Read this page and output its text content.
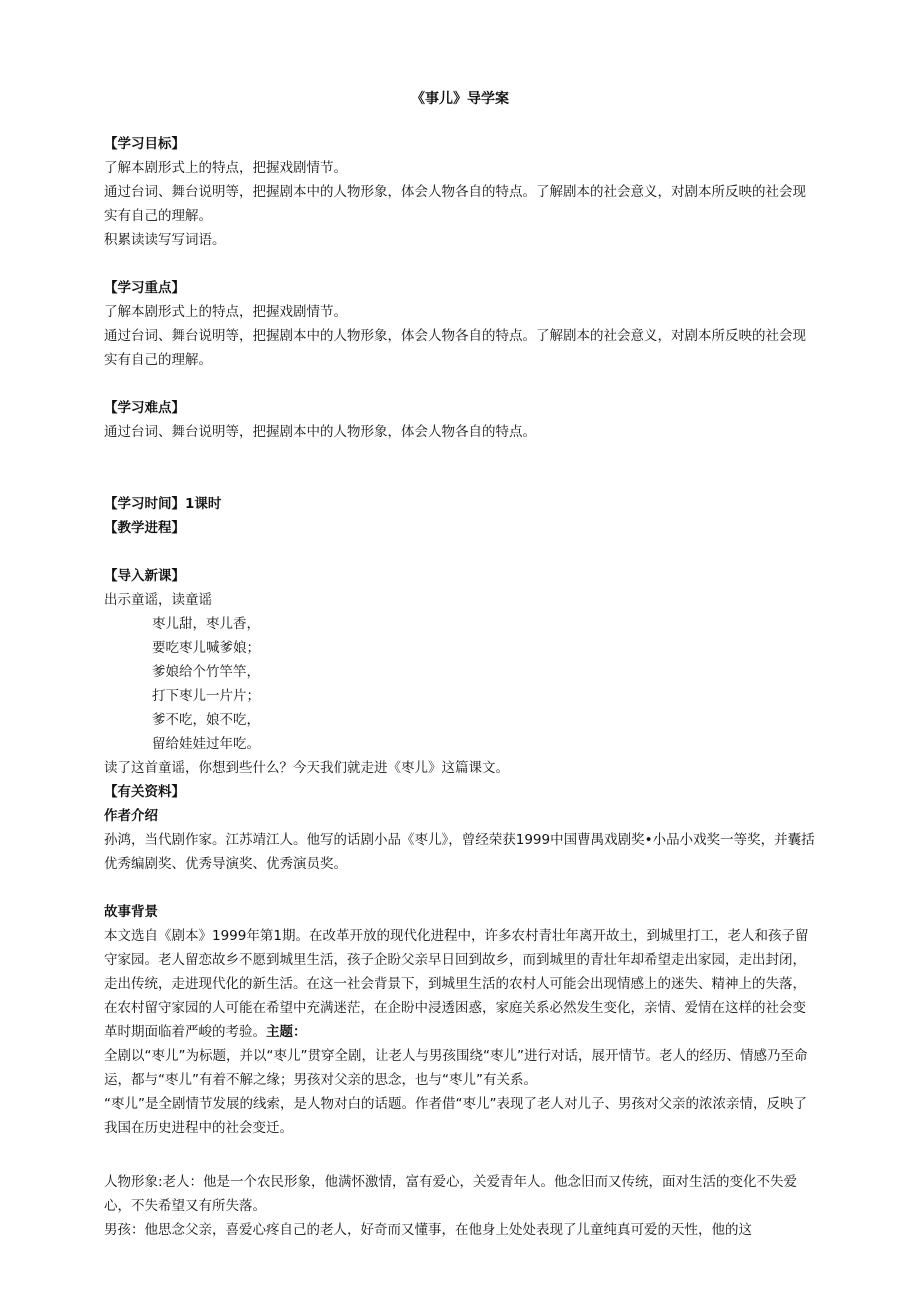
《事儿》导学案

【学习目标】

了解本剧形式上的特点，把握戏剧情节。

通过台词、舞台说明等，把握剧本中的人物形象，体会人物各自的特点。了解剧本的社会意义，对剧本所反映的社会现实有自己的理解。

积累读读写写词语。

【学习重点】

了解本剧形式上的特点，把握戏剧情节。

通过台词、舞台说明等，把握剧本中的人物形象，体会人物各自的特点。了解剧本的社会意义，对剧本所反映的社会现实有自己的理解。

【学习难点】

通过台词、舞台说明等，把握剧本中的人物形象，体会人物各自的特点。

【学习时间】1课时

【教学进程】

【导入新课】

出示童谣，读童谣

枣儿甜，枣儿香，

要吃枣儿喊爹娘；

爹娘给个竹竿竿，

打下枣儿一片片；

爹不吃，娘不吃，

留给娃娃过年吃。

读了这首童谣，你想到些什么？今天我们就走进《枣儿》这篇课文。

【有关资料】

作者介绍

孙鸿，当代剧作家。江苏靖江人。他写的话剧小品《枣儿》，曾经荣获1999中国曹禺戏剧奖•小品小戏奖一等奖，并囊括优秀编剧奖、优秀导演奖、优秀演员奖。

故事背景

本文选自《剧本》1999年第1期。在改革开放的现代化进程中，许多农村青壮年离开故土，到城里打工，老人和孩子留守家园。老人留恋故乡不愿到城里生活，孩子企盼父亲早日回到故乡，而到城里的青壮年却希望走出家园，走出封闭，走出传统，走进现代化的新生活。在这一社会背景下，到城里生活的农村人可能会出现情感上的迷失、精神上的失落，在农村留守家园的人可能在希望中充满迷茫，在企盼中浸透困惑，家庭关系必然发生变化，亲情、爱情在这样的社会变革时期面临着严峻的考验。主题：

全剧以“枣儿”为标题，并以“枣儿”贯穿全剧，让老人与男孩围绕“枣儿”进行对话，展开情节。老人的经历、情感乃至命运，都与“枣儿”有着不解之缘；男孩对父亲的思念，也与“枣儿”有关系。

“枣儿”是全剧情节发展的线索，是人物对白的话题。作者借“枣儿”表现了老人对儿子、男孩对父亲的浓浓亲情，反映了我国在历史进程中的社会变迁。

人物形象:老人：他是一个农民形象，他满怀激情，富有爱心，关爱青年人。他念旧而又传统，面对生活的变化不失爱心，不失希望又有所失落。

男孩：他思念父亲，喜爱心疼自己的老人，好奇而又懂事，在他身上处处表现了儿童纯真可爱的天性，他的这
